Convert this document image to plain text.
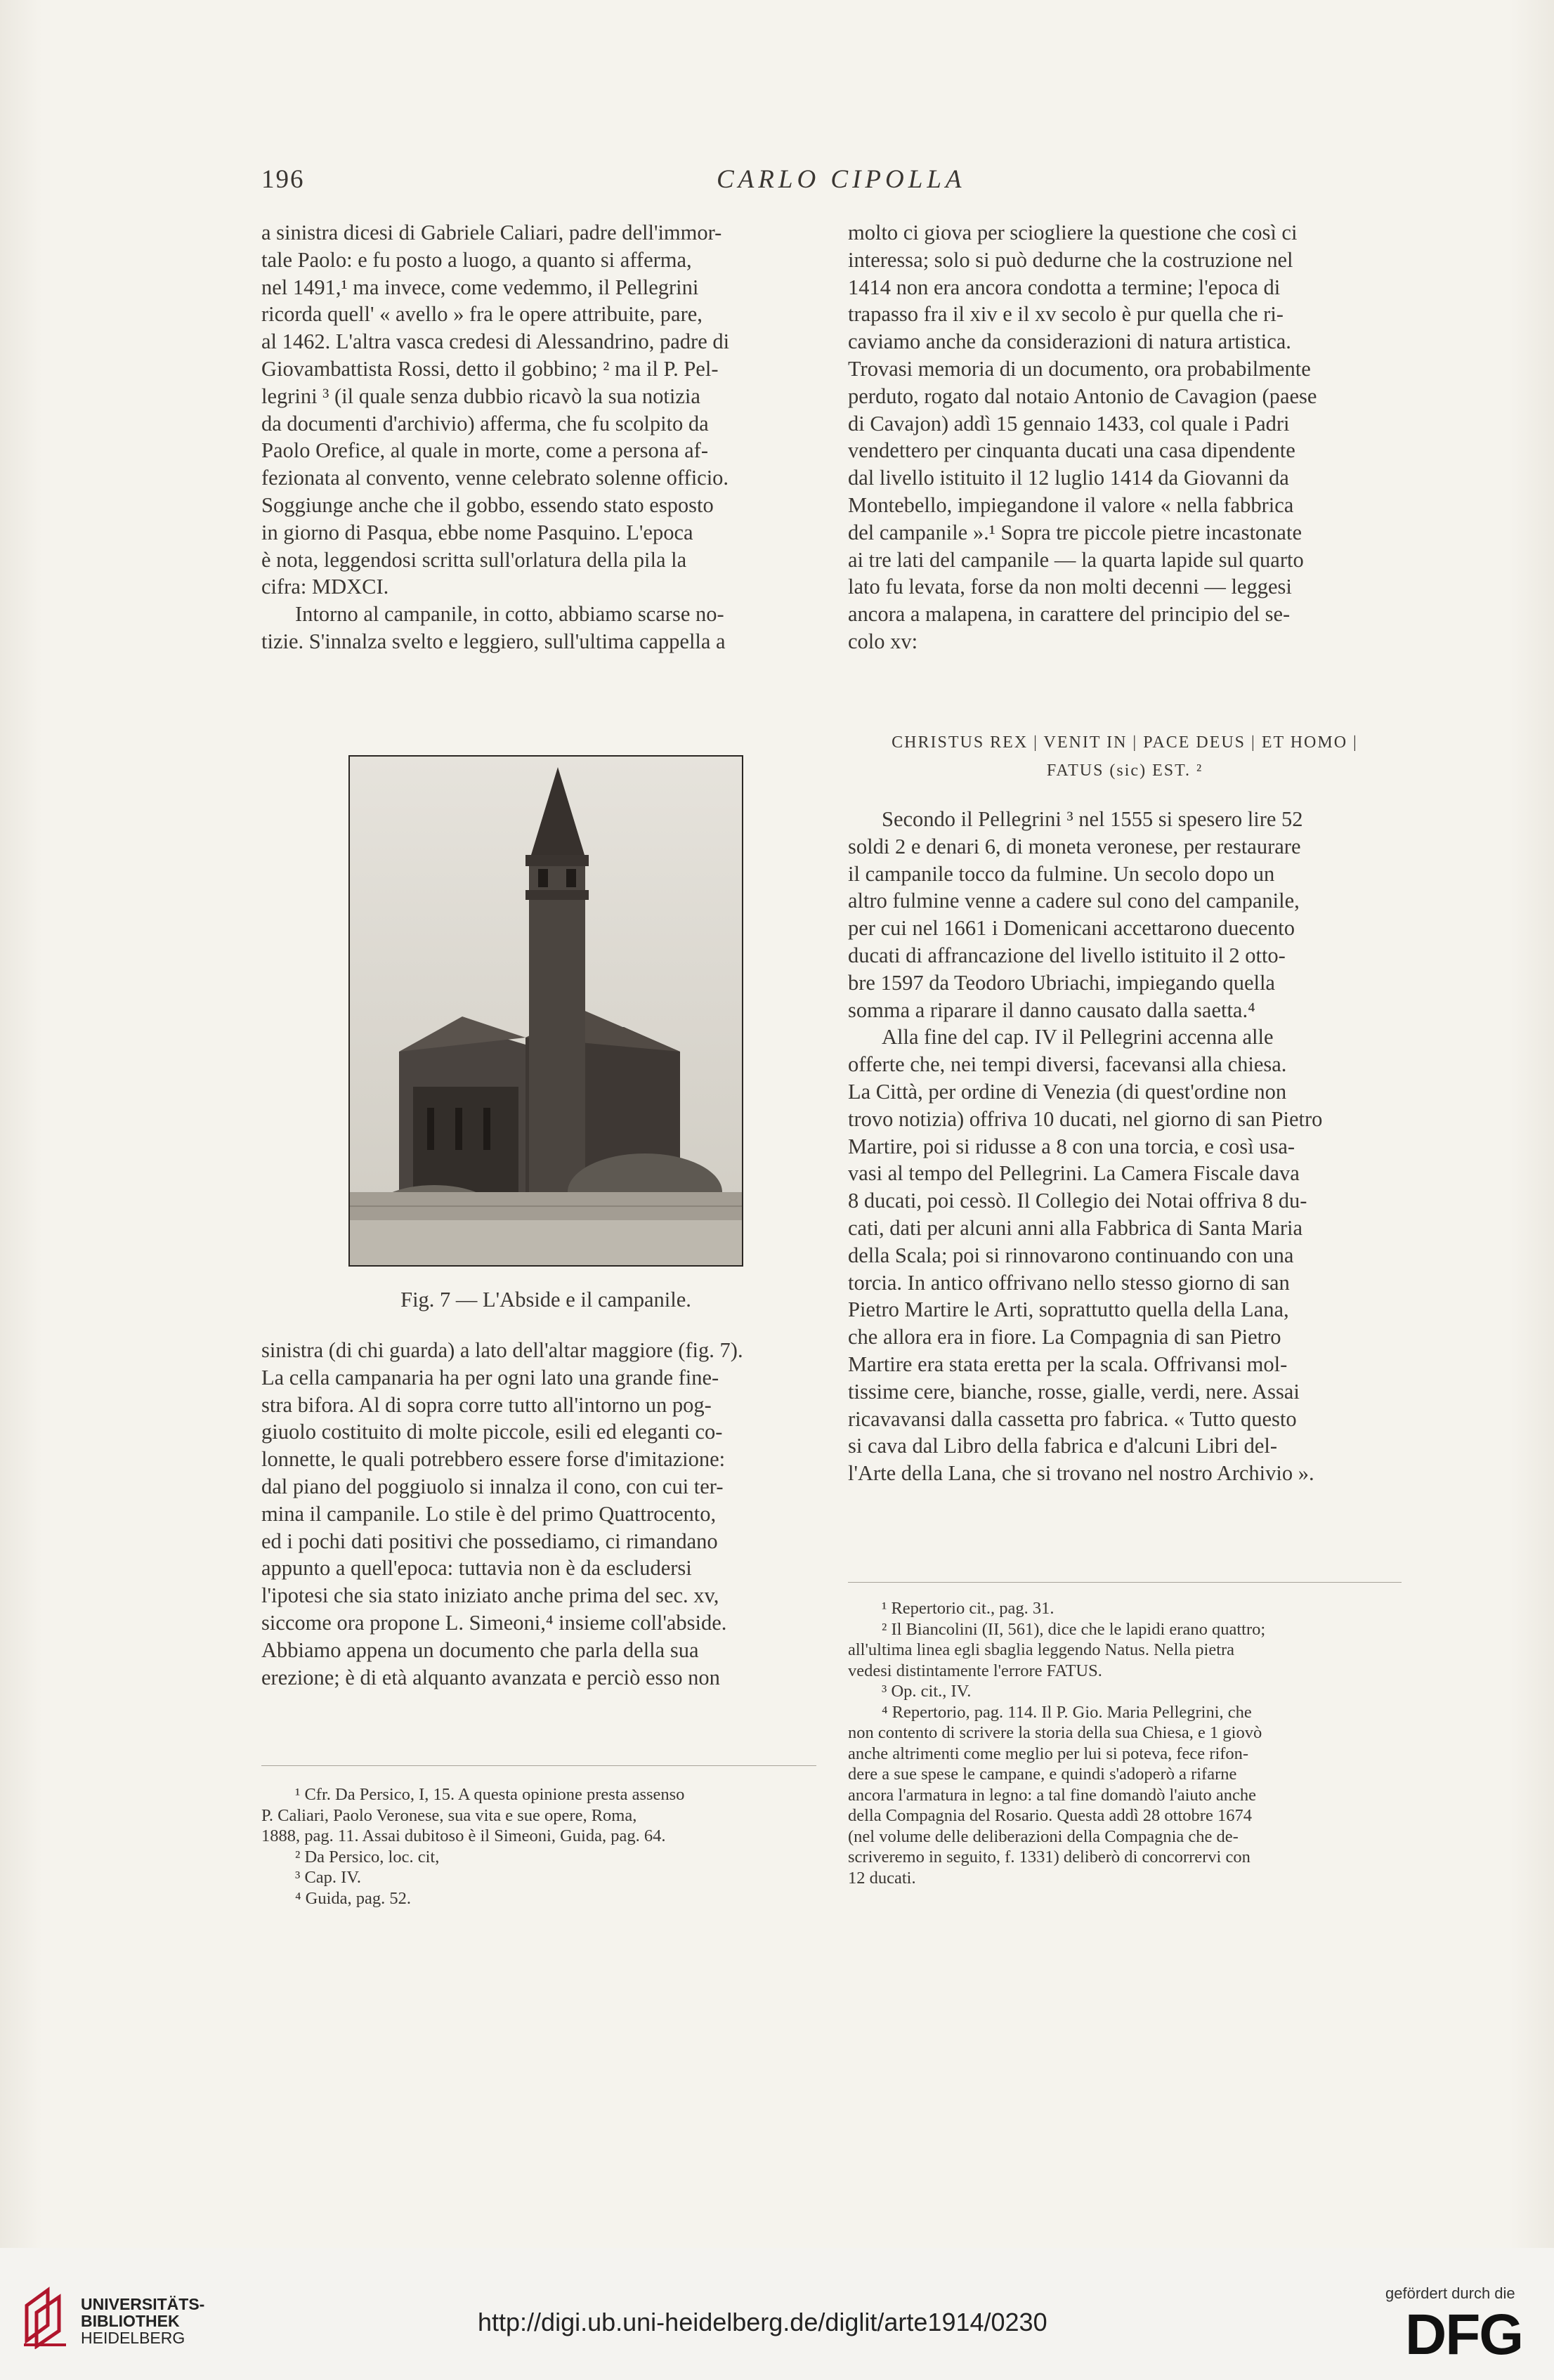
196	CARLO CIPOLLA
a sinistra dicesi di Gabriele Caliari, padre dell'immor-
tale Paolo: e fu posto a luogo, a quanto si afferma,
nel 1491,¹ ma invece, come vedemmo, il Pellegrini
ricorda quell' « avello » fra le opere attribuite, pare,
al 1462. L'altra vasca credesi di Alessandrino, padre di
Giovambattista Rossi, detto il gobbino; ² ma il P. Pel-
legrini ³ (il quale senza dubbio ricavò la sua notizia
da documenti d'archivio) afferma, che fu scolpito da
Paolo Orefice, al quale in morte, come a persona af-
fezionata al convento, venne celebrato solenne officio.
Soggiunge anche che il gobbo, essendo stato esposto
in giorno di Pasqua, ebbe nome Pasquino. L'epoca
è nota, leggendosi scritta sull'orlatura della pila la
cifra: MDXCI.
Intorno al campanile, in cotto, abbiamo scarse no-
tizie. S'innalza svelto e leggiero, sull'ultima cappella a
Fig. 7 — L'Abside e il campanile.
sinistra (di chi guarda) a lato dell'altar maggiore (fig. 7).
La cella campanaria ha per ogni lato una grande fine-
stra bifora. Al di sopra corre tutto all'intorno un pog-
giuolo costituito di molte piccole, esili ed eleganti co-
lonnette, le quali potrebbero essere forse d'imitazione:
dal piano del poggiuolo si innalza il cono, con cui ter-
mina il campanile. Lo stile è del primo Quattrocento,
ed i pochi dati positivi che possediamo, ci rimandano
appunto a quell'epoca: tuttavia non è da escludersi
l'ipotesi che sia stato iniziato anche prima del sec. xv,
siccome ora propone L. Simeoni,⁴ insieme coll'abside.
Abbiamo appena un documento che parla della sua
erezione; è di età alquanto avanzata e perciò esso non
¹ Cfr. Da Persico, I, 15. A questa opinione presta assenso
P. Caliari, Paolo Veronese, sua vita e sue opere, Roma,
1888, pag. 11. Assai dubitoso è il Simeoni, Guida, pag. 64.
² Da Persico, loc. cit,
³ Cap. IV.
⁴ Guida, pag. 52.
molto ci giova per sciogliere la questione che così ci
interessa; solo si può dedurne che la costruzione nel
1414 non era ancora condotta a termine; l'epoca di
trapasso fra il xiv e il xv secolo è pur quella che ri-
caviamo anche da considerazioni di natura artistica.
Trovasi memoria di un documento, ora probabilmente
perduto, rogato dal notaio Antonio de Cavagion (paese
di Cavajon) addì 15 gennaio 1433, col quale i Padri
vendettero per cinquanta ducati una casa dipendente
dal livello istituito il 12 luglio 1414 da Giovanni da
Montebello, impiegandone il valore « nella fabbrica
del campanile ».¹ Sopra tre piccole pietre incastonate
ai tre lati del campanile — la quarta lapide sul quarto
lato fu levata, forse da non molti decenni — leggesi
ancora a malapena, in carattere del principio del se-
colo xv:
CHRISTUS REX | VENIT IN | PACE DEUS | ET HOMO |
FATUS (sic) EST. ²
Secondo il Pellegrini ³ nel 1555 si spesero lire 52
soldi 2 e denari 6, di moneta veronese, per restaurare
il campanile tocco da fulmine. Un secolo dopo un
altro fulmine venne a cadere sul cono del campanile,
per cui nel 1661 i Domenicani accettarono duecento
ducati di affrancazione del livello istituito il 2 otto-
bre 1597 da Teodoro Ubriachi, impiegando quella
somma a riparare il danno causato dalla saetta.⁴
Alla fine del cap. IV il Pellegrini accenna alle
offerte che, nei tempi diversi, facevansi alla chiesa.
La Città, per ordine di Venezia (di quest'ordine non
trovo notizia) offriva 10 ducati, nel giorno di san Pietro
Martire, poi si ridusse a 8 con una torcia, e così usa-
vasi al tempo del Pellegrini. La Camera Fiscale dava
8 ducati, poi cessò. Il Collegio dei Notai offriva 8 du-
cati, dati per alcuni anni alla Fabbrica di Santa Maria
della Scala; poi si rinnovarono continuando con una
torcia. In antico offrivano nello stesso giorno di san
Pietro Martire le Arti, soprattutto quella della Lana,
che allora era in fiore. La Compagnia di san Pietro
Martire era stata eretta per la scala. Offrivansi mol-
tissime cere, bianche, rosse, gialle, verdi, nere. Assai
ricavavansi dalla cassetta pro fabrica. « Tutto questo
si cava dal Libro della fabrica e d'alcuni Libri del-
l'Arte della Lana, che si trovano nel nostro Archivio ».
¹ Repertorio cit., pag. 31.
² Il Biancolini (II, 561), dice che le lapidi erano quattro;
all'ultima linea egli sbaglia leggendo Natus. Nella pietra
vedesi distintamente l'errore FATUS.
³ Op. cit., IV.
⁴ Repertorio, pag. 114. Il P. Gio. Maria Pellegrini, che
non contento di scrivere la storia della sua Chiesa, e 1 giovò
anche altrimenti come meglio per lui si poteva, fece rifon-
dere a sue spese le campane, e quindi s'adoperò a rifarne
ancora l'armatura in legno: a tal fine domandò l'aiuto anche
della Compagnia del Rosario. Questa addì 28 ottobre 1674
(nel volume delle deliberazioni della Compagnia che de-
scriveremo in seguito, f. 1331) deliberò di concorrervi con
12 ducati.
UNIVERSITÄTS-
BIBLIOTHEK
HEIDELBERG
http://digi.ub.uni-heidelberg.de/diglit/arte1914/0230
gefördert durch die
DFG
